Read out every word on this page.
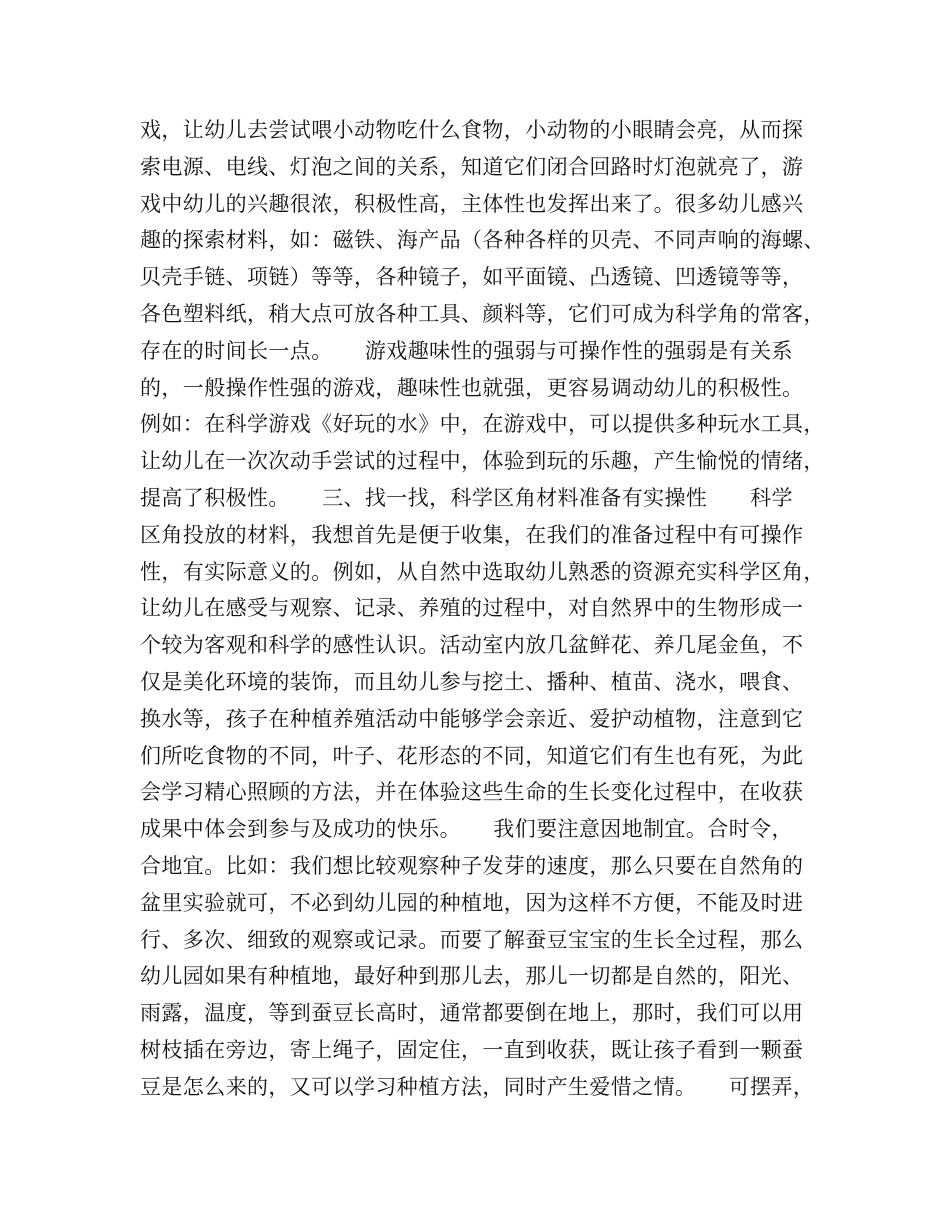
戏，让幼儿去尝试喂小动物吃什么食物，小动物的小眼睛会亮，从而探
索电源、电线、灯泡之间的关系，知道它们闭合回路时灯泡就亮了，游
戏中幼儿的兴趣很浓，积极性高，主体性也发挥出来了。很多幼儿感兴
趣的探索材料，如：磁铁、海产品（各种各样的贝壳、不同声响的海螺、
贝壳手链、项链）等等，各种镜子，如平面镜、凸透镜、凹透镜等等，
各色塑料纸，稍大点可放各种工具、颜料等，它们可成为科学角的常客，
存在的时间长一点。　　游戏趣味性的强弱与可操作性的强弱是有关系
的，一般操作性强的游戏，趣味性也就强，更容易调动幼儿的积极性。
例如：在科学游戏《好玩的水》中，在游戏中，可以提供多种玩水工具，
让幼儿在一次次动手尝试的过程中，体验到玩的乐趣，产生愉悦的情绪，
提高了积极性。　　三、找一找，科学区角材料准备有实操性　　科学
区角投放的材料，我想首先是便于收集，在我们的准备过程中有可操作
性，有实际意义的。例如，从自然中选取幼儿熟悉的资源充实科学区角，
让幼儿在感受与观察、记录、养殖的过程中，对自然界中的生物形成一
个较为客观和科学的感性认识。活动室内放几盆鲜花、养几尾金鱼，不
仅是美化环境的装饰，而且幼儿参与挖土、播种、植苗、浇水，喂食、
换水等，孩子在种植养殖活动中能够学会亲近、爱护动植物，注意到它
们所吃食物的不同，叶子、花形态的不同，知道它们有生也有死，为此
会学习精心照顾的方法，并在体验这些生命的生长变化过程中，在收获
成果中体会到参与及成功的快乐。　　我们要注意因地制宜。合时令，
合地宜。比如：我们想比较观察种子发芽的速度，那么只要在自然角的
盆里实验就可，不必到幼儿园的种植地，因为这样不方便，不能及时进
行、多次、细致的观察或记录。而要了解蚕豆宝宝的生长全过程，那么
幼儿园如果有种植地，最好种到那儿去，那儿一切都是自然的，阳光、
雨露，温度，等到蚕豆长高时，通常都要倒在地上，那时，我们可以用
树枝插在旁边，寄上绳子，固定住，一直到收获，既让孩子看到一颗蚕
豆是怎么来的，又可以学习种植方法，同时产生爱惜之情。　　可摆弄，
